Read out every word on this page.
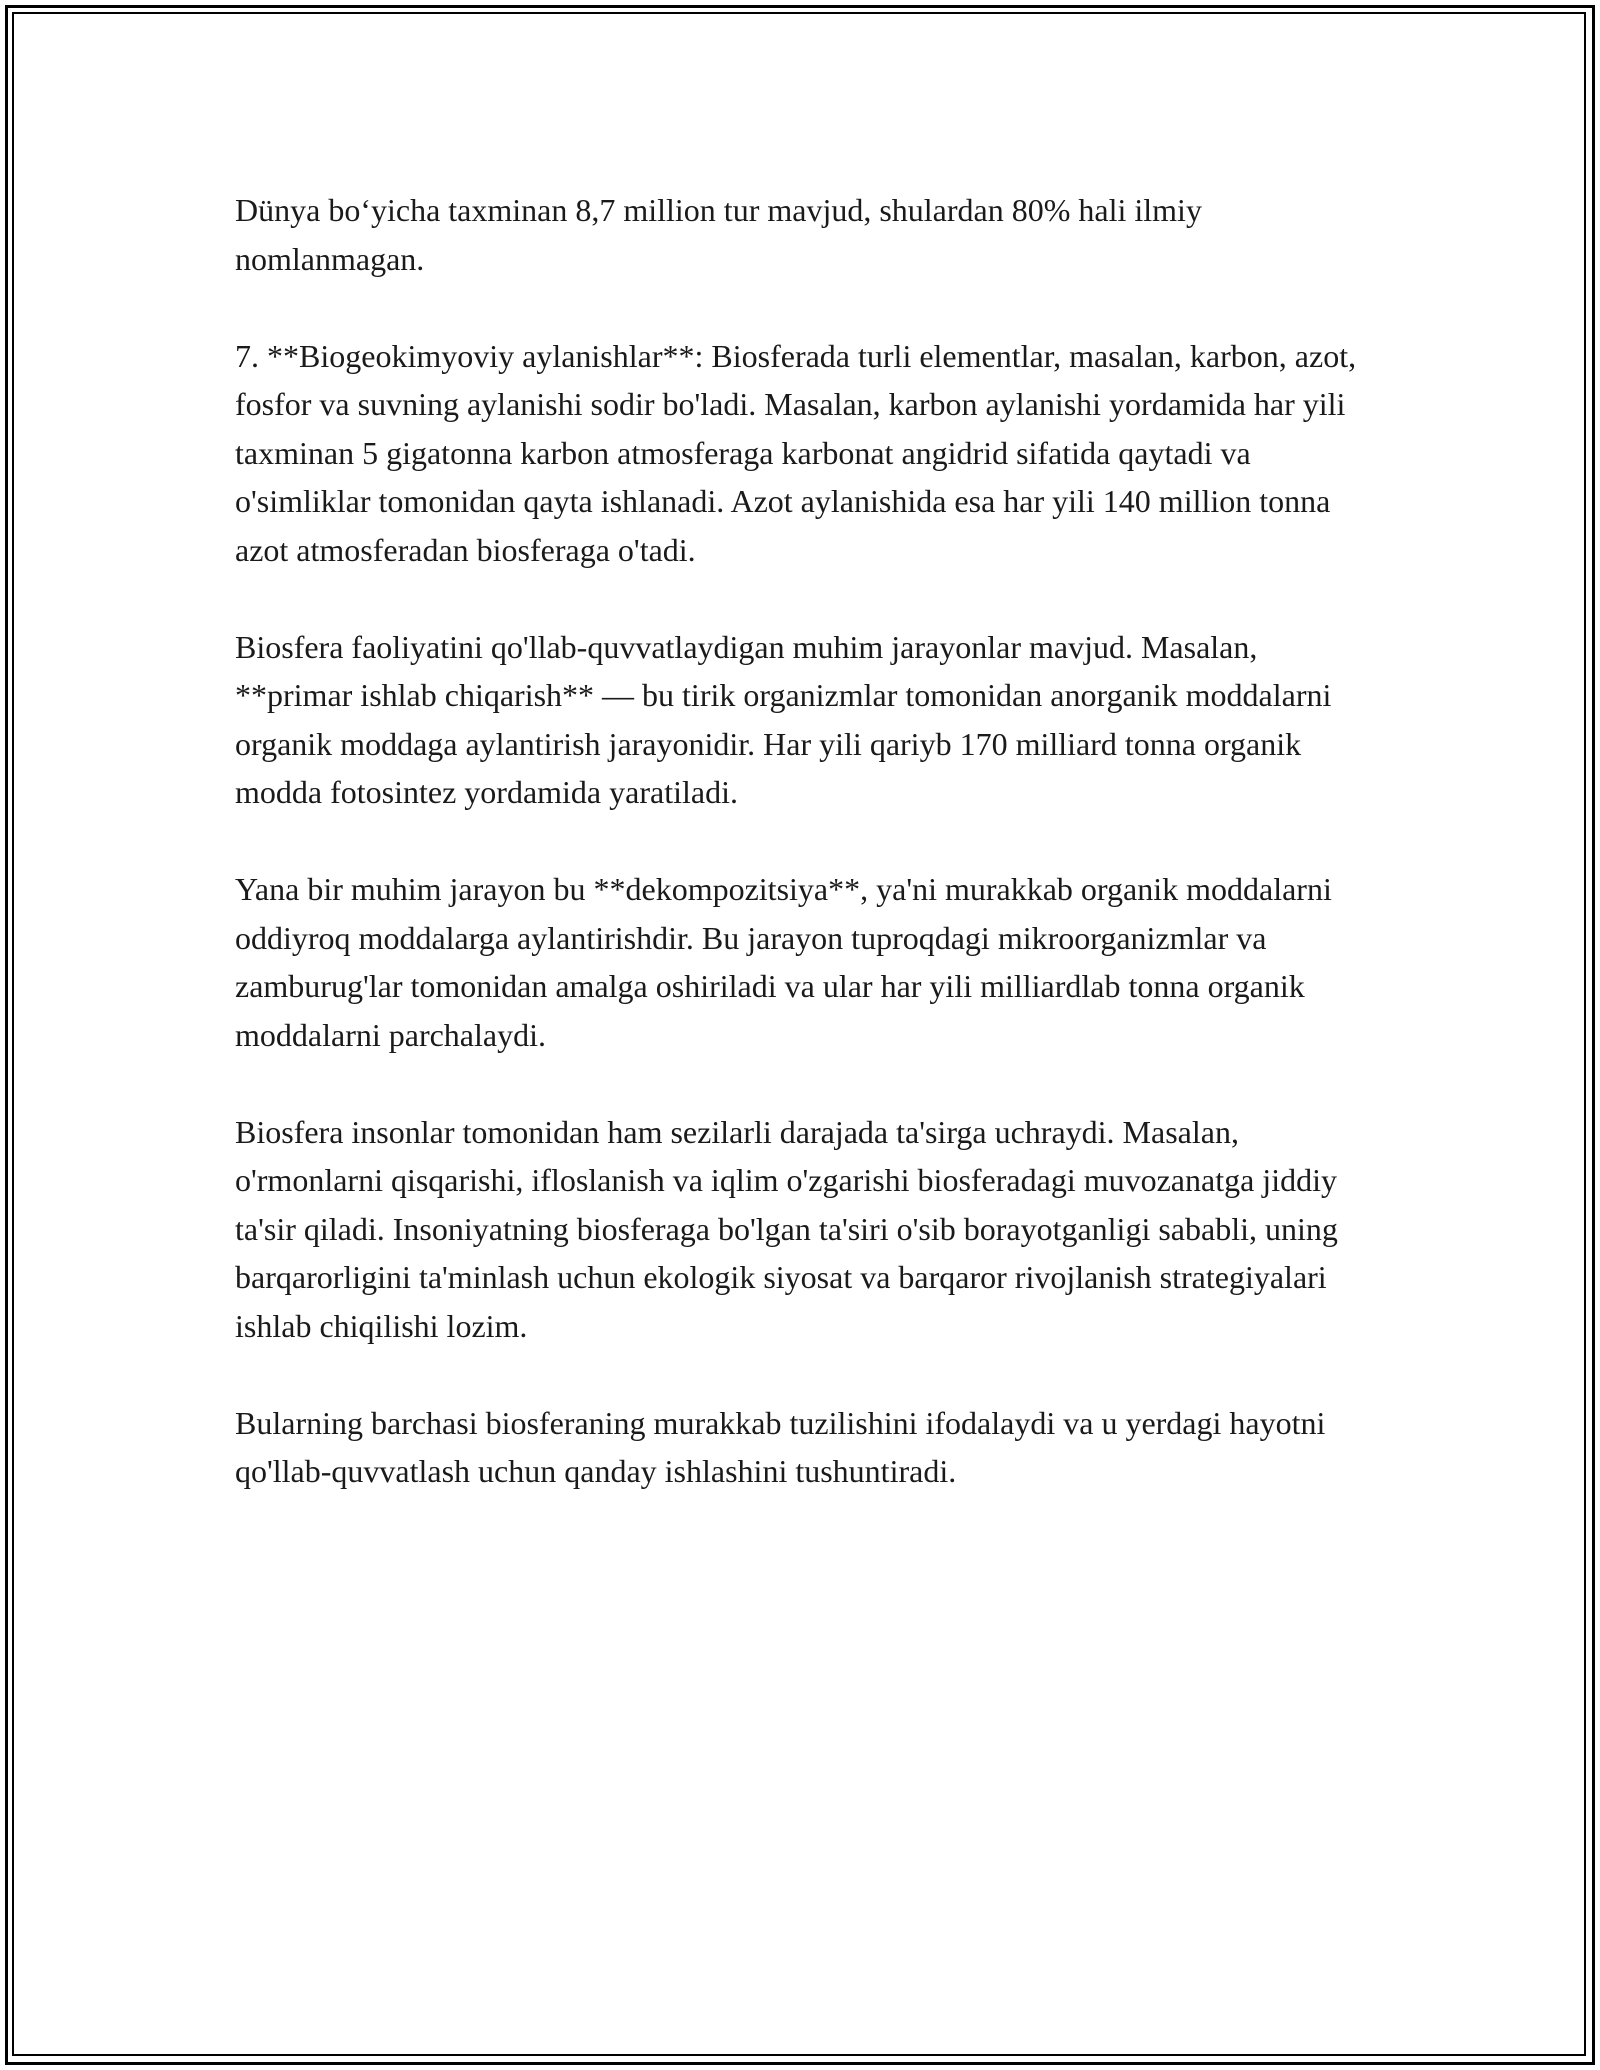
Dünya bo‘yicha taxminan 8,7 million tur mavjud, shulardan 80% hali ilmiy nomlanmagan.

7. **Biogeokimyoviy aylanishlar**: Biosferada turli elementlar, masalan, karbon, azot, fosfor va suvning aylanishi sodir bo'ladi. Masalan, karbon aylanishi yordamida har yili taxminan 5 gigatonna karbon atmosferaga karbonat angidrid sifatida qaytadi va o'simliklar tomonidan qayta ishlanadi. Azot aylanishida esa har yili 140 million tonna azot atmosferadan biosferaga o'tadi.

Biosfera faoliyatini qo'llab-quvvatlaydigan muhim jarayonlar mavjud. Masalan, **primar ishlab chiqarish** — bu tirik organizmlar tomonidan anorganik moddalarni organik moddaga aylantirish jarayonidir. Har yili qariyb 170 milliard tonna organik modda fotosintez yordamida yaratiladi.

Yana bir muhim jarayon bu **dekompozitsiya**, ya'ni murakkab organik moddalarni oddiyroq moddalarga aylantirishdir. Bu jarayon tuproqdagi mikroorganizmlar va zamburug'lar tomonidan amalga oshiriladi va ular har yili milliardlab tonna organik moddalarni parchalaydi.

Biosfera insonlar tomonidan ham sezilarli darajada ta'sirga uchraydi. Masalan, o'rmonlarni qisqarishi, ifloslanish va iqlim o'zgarishi biosferadagi muvozanatga jiddiy ta'sir qiladi. Insoniyatning biosferaga bo'lgan ta'siri o'sib borayotganligi sababli, uning barqarorligini ta'minlash uchun ekologik siyosat va barqaror rivojlanish strategiyalari ishlab chiqilishi lozim.

Bularning barchasi biosferaning murakkab tuzilishini ifodalaydi va u yerdagi hayotni qo'llab-quvvatlash uchun qanday ishlashini tushuntiradi.
